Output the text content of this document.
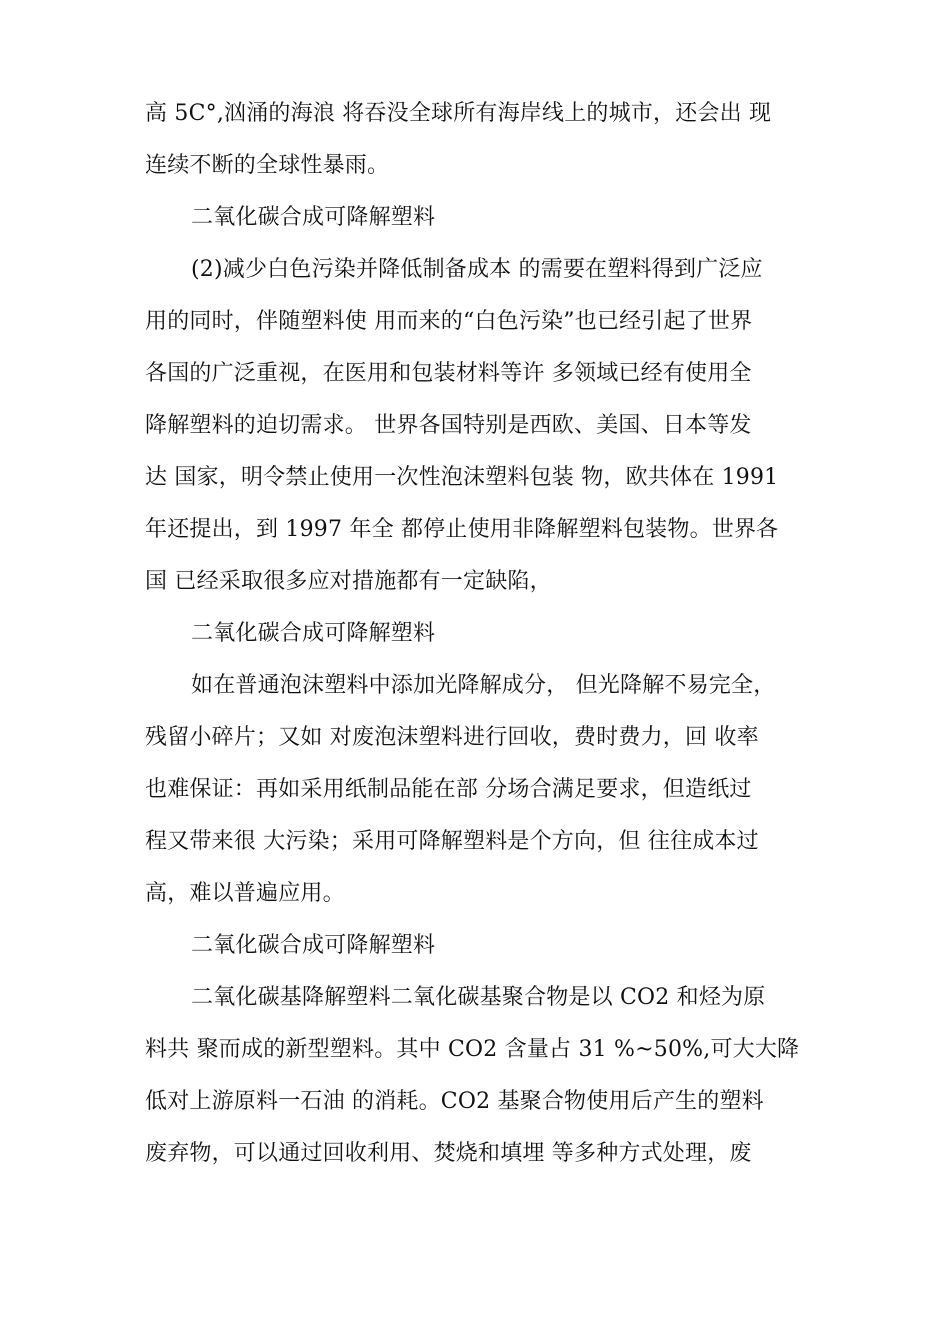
高 5C°,汹涌的海浪 将吞没全球所有海岸线上的城市，还会出 现
连续不断的全球性暴雨。

二氧化碳合成可降解塑料

(2)减少白色污染并降低制备成本 的需要在塑料得到广泛应
用的同时，伴随塑料使 用而来的“白色污染”也已经引起了世界
各国的广泛重视，在医用和包装材料等许 多领域已经有使用全
降解塑料的迫切需求。 世界各国特别是西欧、美国、日本等发
达 国家，明令禁止使用一次性泡沫塑料包装 物，欧共体在 1991
年还提出，到 1997 年全 都停止使用非降解塑料包装物。世界各
国 已经采取很多应对措施都有一定缺陷，

二氧化碳合成可降解塑料

如在普通泡沫塑料中添加光降解成分， 但光降解不易完全，
残留小碎片；又如 对废泡沫塑料进行回收，费时费力，回 收率
也难保证：再如采用纸制品能在部 分场合满足要求，但造纸过
程又带来很 大污染；采用可降解塑料是个方向，但 往往成本过
高，难以普遍应用。

二氧化碳合成可降解塑料

二氧化碳基降解塑料二氧化碳基聚合物是以 CO2 和烃为原
料共 聚而成的新型塑料。其中 CO2 含量占 31 %~50%,可大大降
低对上游原料一石油 的消耗。CO2 基聚合物使用后产生的塑料
废弃物，可以通过回收利用、焚烧和填埋 等多种方式处理，废
